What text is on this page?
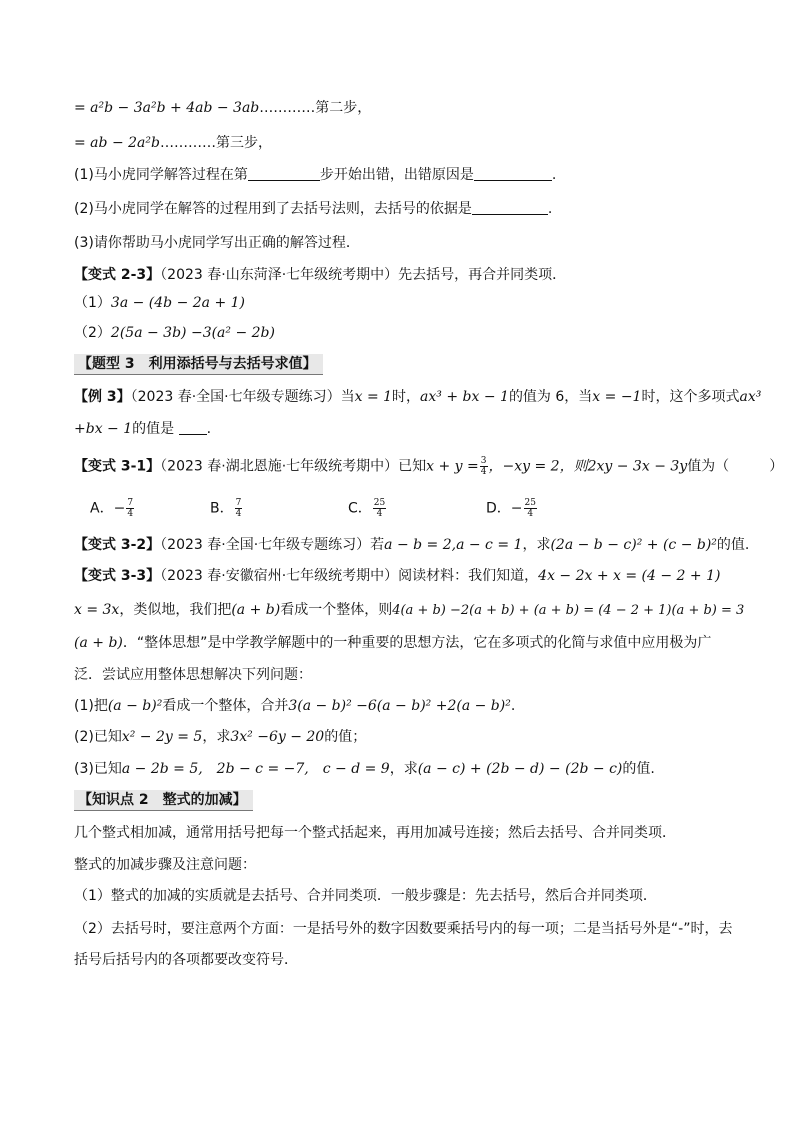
= a²b − 3a²b + 4ab − 3ab…………第二步，
= ab − 2a²b…………第三步，
(1)马小虎同学解答过程在第	步开始出错，出错原因是	.
(2)马小虎同学在解答的过程用到了去括号法则，去括号的依据是	.
(3)请你帮助马小虎同学写出正确的解答过程．
【变式 2-3】（2023 春·山东菏泽·七年级统考期中）先去括号，再合并同类项．
（1）3a − (4b − 2a + 1)
（2）2(5a − 3b) −3(a² − 2b)
【题型 3　利用添括号与去括号求值】
【例 3】（2023 春·全国·七年级专题练习）当x = 1时，ax³ + bx − 1的值为 6，当x = −1时，这个多项式ax³
+bx − 1的值是 .
【变式 3-1】（2023 春·湖北恩施·七年级统考期中）已知$x + y = \frac{3}{4}$ ，−xy = 2，则2xy − 3x − 3y值为（	）
A．− $\frac{7}{4}$	B． $\frac{7}{4}$	C． $\frac{25}{4}$	D．− $\frac{25}{4}$
【变式 3-2】（2023 春·全国·七年级专题练习）若a − b = 2,a − c = 1，求(2a − b − c)² + (c − b)²的值.
【变式 3-3】（2023 春·安徽宿州·七年级统考期中）阅读材料：我们知道，4x − 2x + x = (4 − 2 + 1)
x = 3x，类似地，我们把(a + b)看成一个整体，则4(a + b) −2(a + b) + (a + b) = (4 − 2 + 1)(a + b) = 3
(a + b)．“整体思想”是中学教学解题中的一种重要的思想方法，它在多项式的化简与求值中应用极为广
泛．尝试应用整体思想解决下列问题：
(1)把(a − b)²看成一个整体，合并3(a − b)² −6(a − b)² +2(a − b)².
(2)已知x² − 2y = 5，求3x² −6y − 20的值；
(3)已知a − 2b = 5,　2b − c = −7,　c − d = 9，求(a − c) + (2b − d) − (2b − c)的值.
【知识点 2　整式的加减】
几个整式相加减，通常用括号把每一个整式括起来，再用加减号连接；然后去括号、合并同类项．
整式的加减步骤及注意问题：
（1）整式的加减的实质就是去括号、合并同类项．一般步骤是：先去括号，然后合并同类项．
（2）去括号时，要注意两个方面：一是括号外的数字因数要乘括号内的每一项；二是当括号外是“-”时，去
括号后括号内的各项都要改变符号．
